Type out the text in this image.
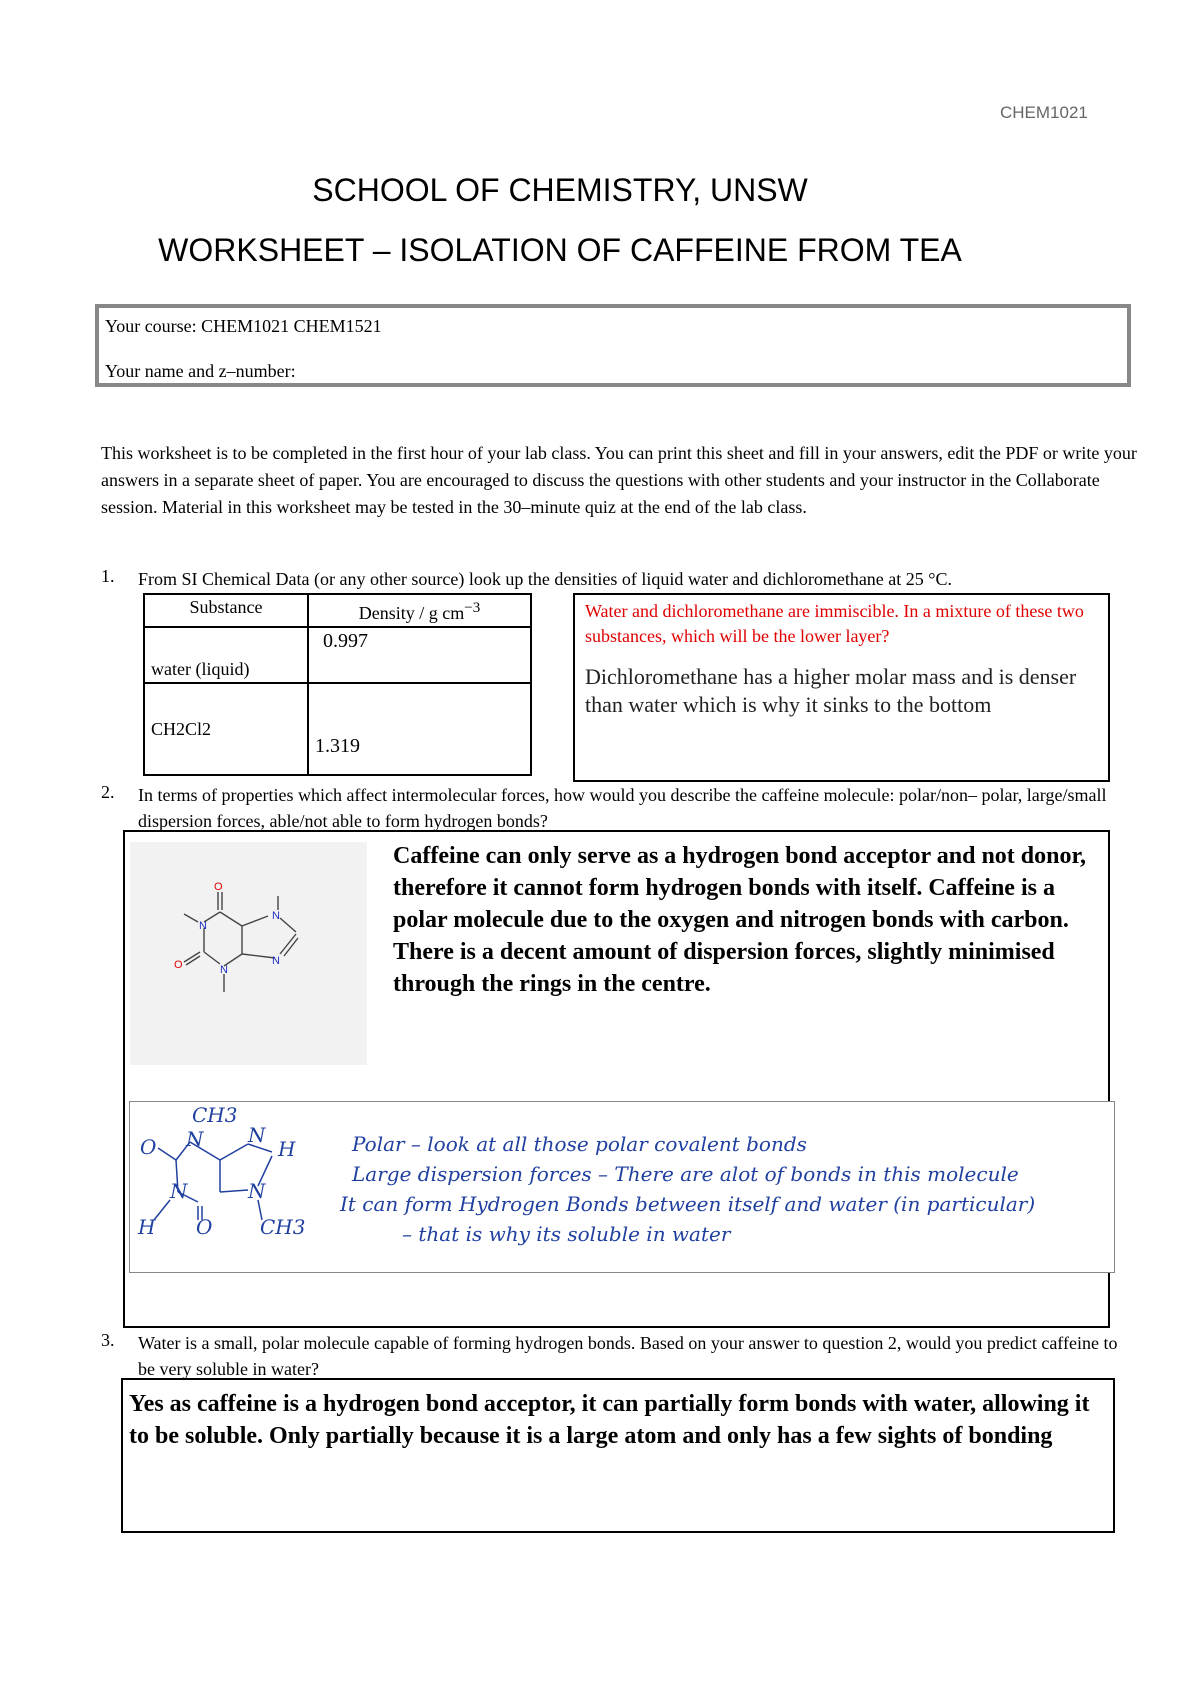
CHEM1021
SCHOOL OF CHEMISTRY, UNSW
WORKSHEET – ISOLATION OF CAFFEINE FROM TEA
Your course: CHEM1021 CHEM1521
Your name and z–number:
This worksheet is to be completed in the first hour of your lab class. You can print this sheet and fill in your answers, edit the PDF or write your answers in a separate sheet of paper. You are encouraged to discuss the questions with other students and your instructor in the Collaborate session. Material in this worksheet may be tested in the 30–minute quiz at the end of the lab class.
1. From SI Chemical Data (or any other source) look up the densities of liquid water and dichloromethane at 25 °C.
Substance	Density / g $cm^{-3}$
water (liquid)	0.997
CH2Cl2	1.319
Water and dichloromethane are immiscible. In a mixture of these two substances, which will be the lower layer?
Dichloromethane has a higher molar mass and is denser than water which is why it sinks to the bottom
2. In terms of properties which affect intermolecular forces, how would you describe the caffeine molecule: polar/non– polar, large/small dispersion forces, able/not able to form hydrogen bonds?
O
N
N
O
N
N
Caffeine can only serve as a hydrogen bond acceptor and not donor, therefore it cannot form hydrogen bonds with itself. Caffeine is a polar molecule due to the oxygen and nitrogen bonds with carbon. There is a decent amount of dispersion forces, slightly minimised through the rings in the centre.
CH3
O N N
H
N	N
H O CH3
Polar – look at all those polar covalent bonds
Large dispersion forces – There are alot of bonds in this molecule
It can form Hydrogen Bonds between itself and water (in particular)
– that is why its soluble in water
3. Water is a small, polar molecule capable of forming hydrogen bonds. Based on your answer to question 2, would you predict caffeine to be very soluble in water?
Yes as caffeine is a hydrogen bond acceptor, it can partially form bonds with water, allowing it to be soluble. Only partially because it is a large atom and only has a few sights of bonding
